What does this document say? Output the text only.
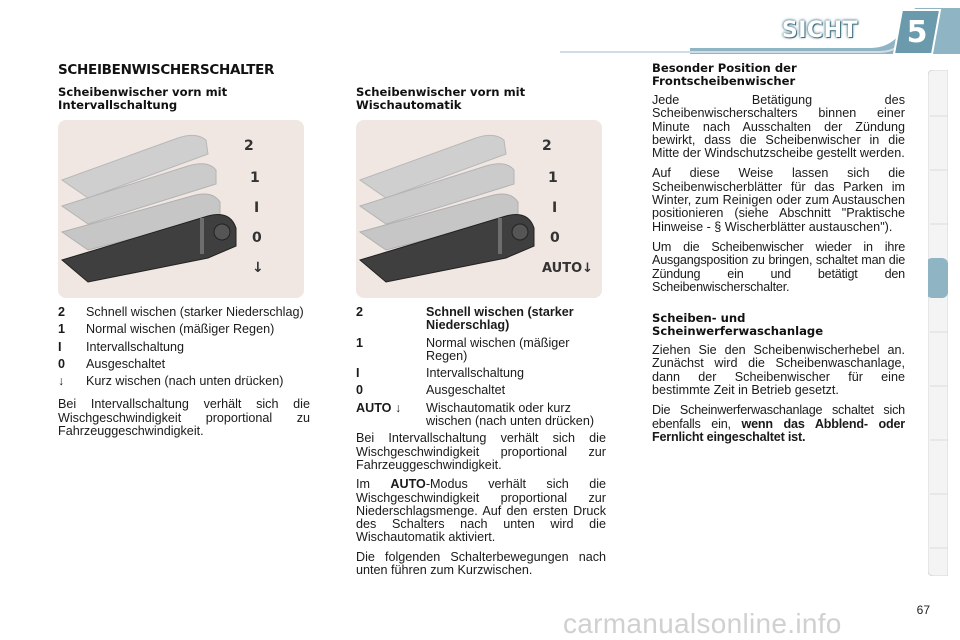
SICHT	5
SCHEIBENWISCHERSCHALTER
Scheibenwischer vorn mit Intervallschaltung
2
1
I
0
↓
2	Schnell wischen (starker Niederschlag)
1	Normal wischen (mäßiger Regen)
I	Intervallschaltung
0	Ausgeschaltet
↓	Kurz wischen (nach unten drücken)

Bei Intervallschaltung verhält sich die Wischgeschwindigkeit proportional zu Fahrzeuggeschwindigkeit.

Scheibenwischer vorn mit Wischautomatik
2
1
I
0
AUTO↓
2	Schnell wischen (starker Niederschlag)
1	Normal wischen (mäßiger Regen)
I	Intervallschaltung
0	Ausgeschaltet
AUTO ↓	Wischautomatik oder kurz wischen (nach unten drücken)

Bei Intervallschaltung verhält sich die Wischgeschwindigkeit proportional zur Fahrzeuggeschwindigkeit.

Im AUTO-Modus verhält sich die Wischgeschwindigkeit proportional zur Niederschlagsmenge. Auf den ersten Druck des Schalters nach unten wird die Wischautomatik aktiviert.

Die folgenden Schalterbewegungen nach unten führen zum Kurzwischen.

Besonder Position der Frontscheibenwischer

Jede Betätigung des Scheibenwischerschalters binnen einer Minute nach Ausschalten der Zündung bewirkt, dass die Scheibenwischer in die Mitte der Windschutzscheibe gestellt werden.

Auf diese Weise lassen sich die Scheibenwischerblätter für das Parken im Winter, zum Reinigen oder zum Austauschen positionieren (siehe Abschnitt "Praktische Hinweise - § Wischerblätter austauschen").

Um die Scheibenwischer wieder in ihre Ausgangsposition zu bringen, schaltet man die Zündung ein und betätigt den Scheibenwischerschalter.

Scheiben- und Scheinwerferwaschanlage

Ziehen Sie den Scheibenwischerhebel an. Zunächst wird die Scheibenwaschanlage, dann der Scheibenwischer für eine bestimmte Zeit in Betrieb gesetzt.

Die Scheinwerferwaschanlage schaltet sich ebenfalls ein, wenn das Abblend- oder Fernlicht eingeschaltet ist.

carmanualsonline.info	67
